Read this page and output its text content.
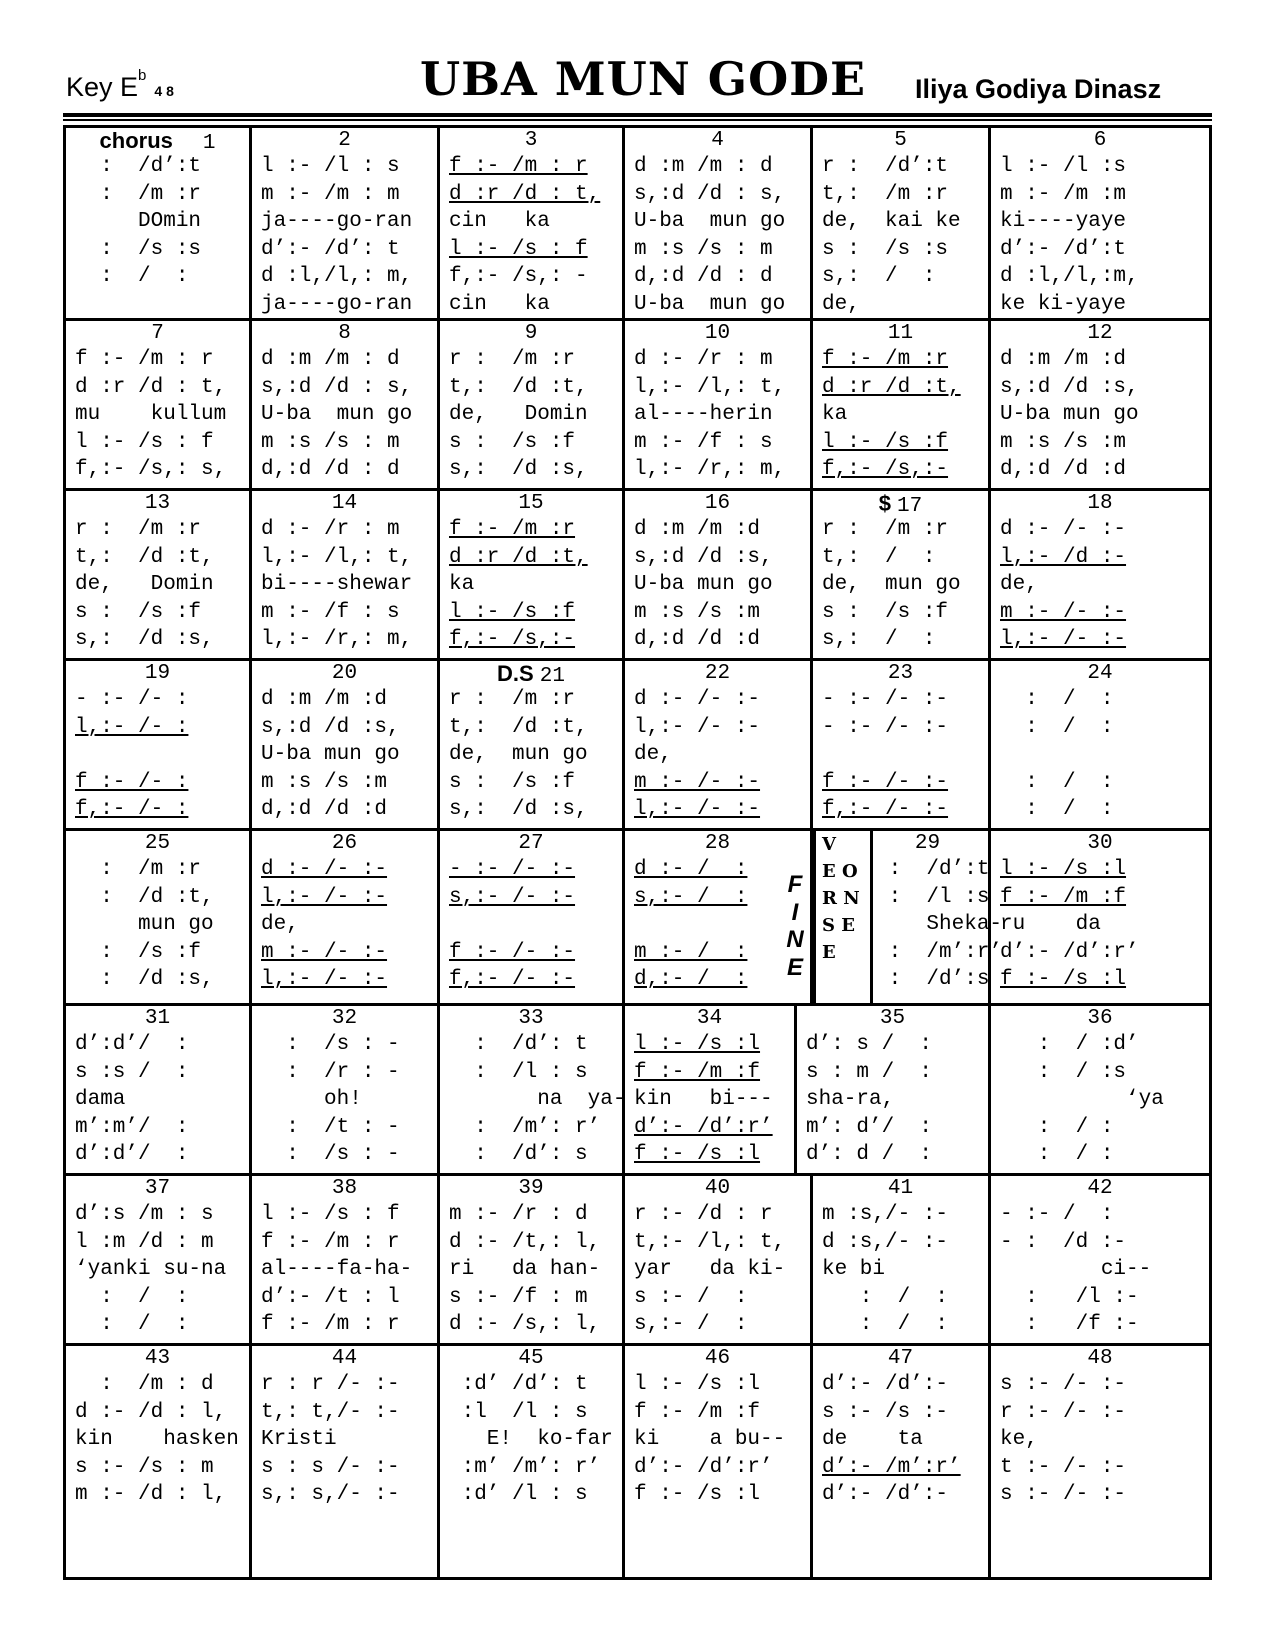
Key $E^b4$ 8	UBA MUN GODE Iliya Godiya Dinasz
chorus 1
:  /d’:t
:  /m :r
DOmin
:  /s :s
:  /  :
2
l :- /l : s
m :- /m : m
ja----go-ran
d’:- /d’: t
d :l,/l,: m,
ja----go-ran
3
f :- /m : r
d :r /d : t,
cin   ka
l :- /s : f
f,:- /s,: -
cin   ka
4
d :m /m : d
s,:d /d : s,
U-ba  mun go
m :s /s : m
d,:d /d : d
U-ba  mun go
5
r :  /d’:t
t,:  /m :r
de,  kai ke
s :  /s :s
s,:  /  :
de,
6
l :- /l :s
m :- /m :m
ki----yaye
d’:- /d’:t
d :l,/l,:m,
ke ki-yaye
7
f :- /m : r
d :r /d : t,
mu    kullum
l :- /s : f
f,:- /s,: s,
8
d :m /m : d
s,:d /d : s,
U-ba  mun go
m :s /s : m
d,:d /d : d
9
r :  /m :r
t,:  /d :t,
de,   Domin
s :  /s :f
s,:  /d :s,
10
d :- /r : m
l,:- /l,: t,
al----herin
m :- /f : s
l,:- /r,: m,
11
f :- /m :r
d :r /d :t,
ka
l :- /s :f
f,:- /s,:-
12
d :m /m :d
s,:d /d :s,
U-ba mun go
m :s /s :m
d,:d /d :d
13
r :  /m :r
t,:  /d :t,
de,   Domin
s :  /s :f
s,:  /d :s,
14
d :- /r : m
l,:- /l,: t,
bi----shewar
m :- /f : s
l,:- /r,: m,
15
f :- /m :r
d :r /d :t,
ka
l :- /s :f
f,:- /s,:-
16
d :m /m :d
s,:d /d :s,
U-ba mun go
m :s /s :m
d,:d /d :d
$ 17
r :  /m :r
t,:  /  :
de,  mun go
s :  /s :f
s,:  /  :
18
d :- /- :-
l,:- /d :-
de,
m :- /- :-
l,:- /- :-
19
- :- /- :
l,:- /- :
f :- /- :
f,:- /- :
20
d :m /m :d
s,:d /d :s,
U-ba mun go
m :s /s :m
d,:d /d :d
D.S 21
r :  /m :r
t,:  /d :t,
de,  mun go
s :  /s :f
s,:  /d :s,
22
d :- /- :-
l,:- /- :-
de,
m :- /- :-
l,:- /- :-
23
- :- /- :-
- :- /- :-
f :- /- :-
f,:- /- :-
24
:  /  :
:  /  :
:  /  :
:  /  :
25
:  /m :r
:  /d :t,
mun go
:  /s :f
:  /d :s,
26
d :- /- :-
l,:- /- :-
de,
m :- /- :-
l,:- /- :-
27
- :- /- :-
s,:- /- :-
f :- /- :-
f,:- /- :-
28
d :- /  :
s,:- /  :
m :- /  :
d,:- /  :
F
I
N
E
V
E O
R N
S E
E
29
:  /d’:t
:  /l :s
Sheka-
:  /m’:r’
:  /d’:s
30
l :- /s :l
f :- /m :f
ru    da
d’:- /d’:r’
f :- /s :l
31
d’:d’/  :
s :s /  :
dama
m’:m’/  :
d’:d’/  :
32
:  /s : -
:  /r : -
oh!
:  /t : -
:  /s : -
33
:  /d’: t
:  /l : s
na  ya-
:  /m’: r’
:  /d’: s
34
l :- /s :l
f :- /m :f
kin   bi---
d’:- /d’:r’
f :- /s :l
35
d’: s /  :
s : m /  :
sha-ra,
m’: d’/  :
d’: d /  :
36
:  / :d’
:  / :s
‘ya
:  / :
:  / :
37
d’:s /m : s
l :m /d : m
‘yanki su-na
:  /  :
:  /  :
38
l :- /s : f
f :- /m : r
al----fa-ha-
d’:- /t : l
f :- /m : r
39
m :- /r : d
d :- /t,: l,
ri   da han-
s :- /f : m
d :- /s,: l,
40
r :- /d : r
t,:- /l,: t,
yar   da ki-
s :- /  :
s,:- /  :
41
m :s,/- :-
d :s,/- :-
ke bi
:  /  :
:  /  :
42
- :- /  :
- :  /d :-
ci--
:   /l :-
:   /f :-
43
:  /m : d
d :- /d : l,
kin    hasken
s :- /s : m
m :- /d : l,
44
r : r /- :-
t,: t,/- :-
Kristi
s : s /- :-
s,: s,/- :-
45
:d’ /d’: t
:l  /l : s
E!  ko-far
:m’ /m’: r’
:d’ /l : s
46
l :- /s :l
f :- /m :f
ki    a bu--
d’:- /d’:r’
f :- /s :l
47
d’:- /d’:-
s :- /s :-
de    ta
d’:- /m’:r’
d’:- /d’:-
48
s :- /- :-
r :- /- :-
ke,
t :- /- :-
s :- /- :-
